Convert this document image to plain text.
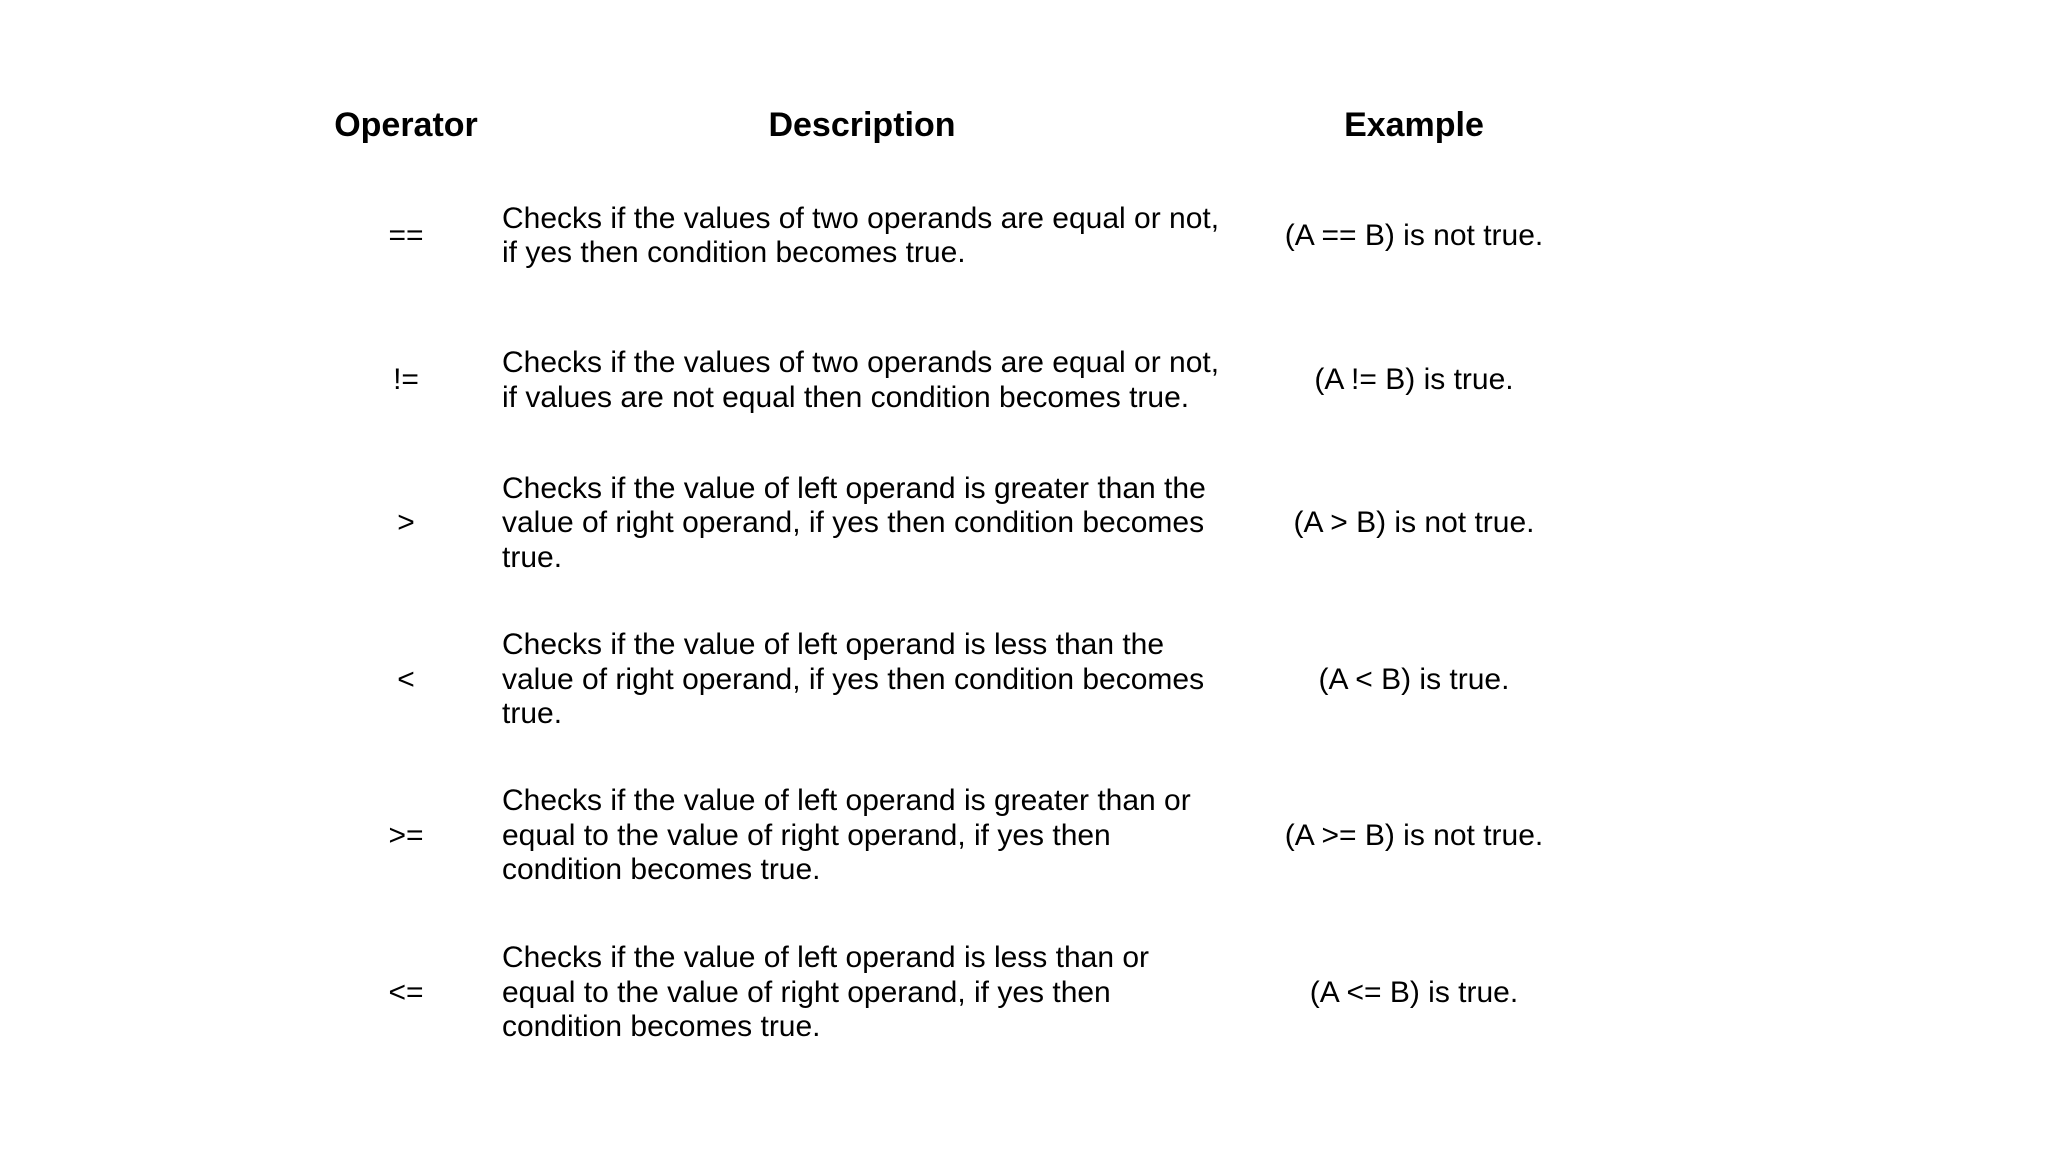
Operator	Description	Example
==	Checks if the values of two operands are equal or not, if yes then condition becomes true.	(A == B) is not true.
!=	Checks if the values of two operands are equal or not, if values are not equal then condition becomes true.	(A != B) is true.
>	Checks if the value of left operand is greater than the value of right operand, if yes then condition becomes true.	(A > B) is not true.
<	Checks if the value of left operand is less than the value of right operand, if yes then condition becomes true.	(A < B) is true.
>=	Checks if the value of left operand is greater than or equal to the value of right operand, if yes then condition becomes true.	(A >= B) is not true.
<=	Checks if the value of left operand is less than or equal to the value of right operand, if yes then condition becomes true.	(A <= B) is true.
